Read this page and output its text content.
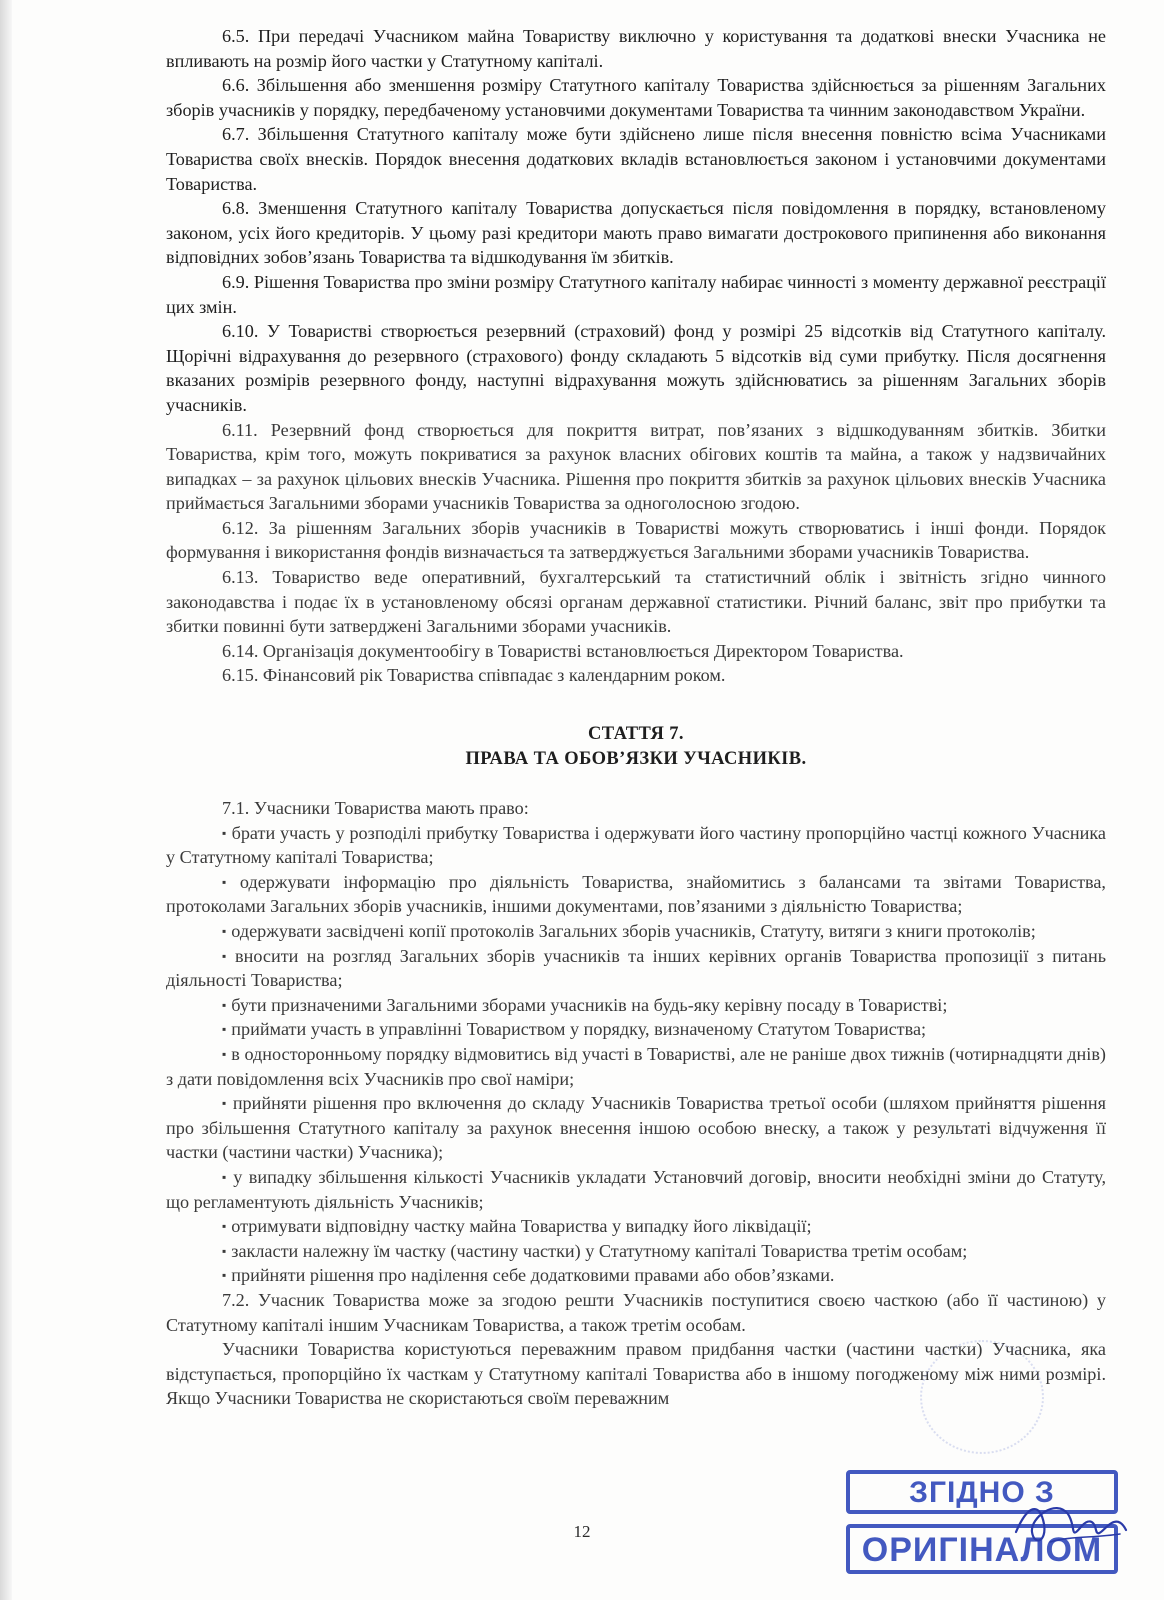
6.5. При передачі Учасником майна Товариству виключно у користування та додаткові внески Учасника не впливають на розмір його частки у Статутному капіталі.

6.6. Збільшення або зменшення розміру Статутного капіталу Товариства здійснюється за рішенням Загальних зборів учасників у порядку, передбаченому установчими документами Товариства та чинним законодавством України.

6.7. Збільшення Статутного капіталу може бути здійснено лише після внесення повністю всіма Учасниками Товариства своїх внесків. Порядок внесення додаткових вкладів встановлюється законом і установчими документами Товариства.

6.8. Зменшення Статутного капіталу Товариства допускається після повідомлення в порядку, встановленому законом, усіх його кредиторів. У цьому разі кредитори мають право вимагати дострокового припинення або виконання відповідних зобов’язань Товариства та відшкодування їм збитків.

6.9. Рішення Товариства про зміни розміру Статутного капіталу набирає чинності з моменту державної реєстрації цих змін.

6.10. У Товаристві створюється резервний (страховий) фонд у розмірі 25 відсотків від Статутного капіталу. Щорічні відрахування до резервного (страхового) фонду складають 5 відсотків від суми прибутку. Після досягнення вказаних розмірів резервного фонду, наступні відрахування можуть здійснюватись за рішенням Загальних зборів учасників.

6.11. Резервний фонд створюється для покриття витрат, пов’язаних з відшкодуванням збитків. Збитки Товариства, крім того, можуть покриватися за рахунок власних обігових коштів та майна, а також у надзвичайних випадках – за рахунок цільових внесків Учасника. Рішення про покриття збитків за рахунок цільових внесків Учасника приймається Загальними зборами учасників Товариства за одноголосною згодою.

6.12. За рішенням Загальних зборів учасників в Товаристві можуть створюватись і інші фонди. Порядок формування і використання фондів визначається та затверджується Загальними зборами учасників Товариства.

6.13. Товариство веде оперативний, бухгалтерський та статистичний облік і звітність згідно чинного законодавства і подає їх в установленому обсязі органам державної статистики. Річний баланс, звіт про прибутки та збитки повинні бути затверджені Загальними зборами учасників.

6.14. Організація документообігу в Товаристві встановлюється Директором Товариства.

6.15. Фінансовий рік Товариства співпадає з календарним роком.

СТАТТЯ 7.
ПРАВА ТА ОБОВ’ЯЗКИ УЧАСНИКІВ.

7.1. Учасники Товариства мають право:

▪ брати участь у розподілі прибутку Товариства і одержувати його частину пропорційно частці кожного Учасника у Статутному капіталі Товариства;

▪ одержувати інформацію про діяльність Товариства, знайомитись з балансами та звітами Товариства, протоколами Загальних зборів учасників, іншими документами, пов’язаними з діяльністю Товариства;

▪ одержувати засвідчені копії протоколів Загальних зборів учасників, Статуту, витяги з книги протоколів;

▪ вносити на розгляд Загальних зборів учасників та інших керівних органів Товариства пропозиції з питань діяльності Товариства;

▪ бути призначеними Загальними зборами учасників на будь-яку керівну посаду в Товаристві;

▪ приймати участь в управлінні Товариством у порядку, визначеному Статутом Товариства;

▪ в односторонньому порядку відмовитись від участі в Товаристві, але не раніше двох тижнів (чотирнадцяти днів) з дати повідомлення всіх Учасників про свої наміри;

▪ прийняти рішення про включення до складу Учасників Товариства третьої особи (шляхом прийняття рішення про збільшення Статутного капіталу за рахунок внесення іншою особою внеску, а також у результаті відчуження її частки (частини частки) Учасника);

▪ у випадку збільшення кількості Учасників укладати Установчий договір, вносити необхідні зміни до Статуту, що регламентують діяльність Учасників;

▪ отримувати відповідну частку майна Товариства у випадку його ліквідації;

▪ закласти належну їм частку (частину частки) у Статутному капіталі Товариства третім особам;

▪ прийняти рішення про наділення себе додатковими правами або обов’язками.

7.2. Учасник Товариства може за згодою решти Учасників поступитися своєю часткою (або її частиною) у Статутному капіталі іншим Учасникам Товариства, а також третім особам.

Учасники Товариства користуються переважним правом придбання частки (частини частки) Учасника, яка відступається, пропорційно їх часткам у Статутному капіталі Товариства або в іншому погодженому між ними розмірі. Якщо Учасники Товариства не скористаються своїм переважним

12
ЗГІДНО З
ОРИГІНАЛОМ
